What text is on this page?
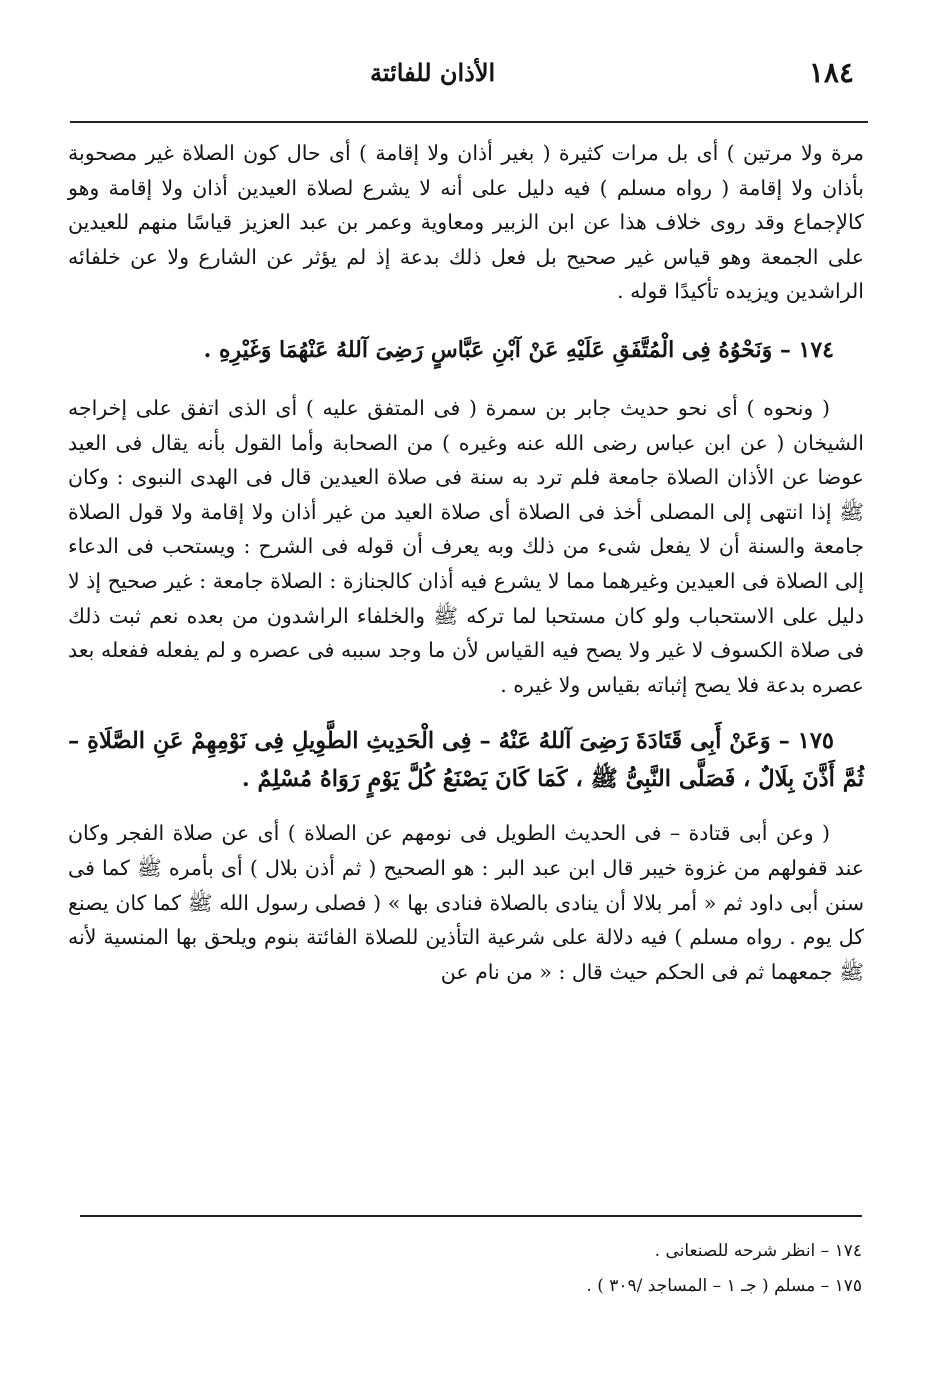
١٨٤
الأذان للفائتة

مرة ولا مرتين ) أى بل مرات كثيرة ( بغير أذان ولا إقامة ) أى حال كون الصلاة غير مصحوبة بأذان ولا إقامة ( رواه مسلم ) فيه دليل على أنه لا يشرع لصلاة العيدين أذان ولا إقامة وهو كالإجماع وقد روى خلاف هذا عن ابن الزبير ومعاوية وعمر بن عبد العزيز قياسًا منهم للعيدين على الجمعة وهو قياس غير صحيح بل فعل ذلك بدعة إذ لم يؤثر عن الشارع ولا عن خلفائه الراشدين ويزيده تأكيدًا قوله .

١٧٤ – وَنَحْوُهُ فِى الْمُتَّفَقِ عَلَيْهِ عَنْ آبْنِ عَبَّاسٍ رَضِىَ آللهُ عَنْهُمَا وَغَيْرِهِ .

( ونحوه ) أى نحو حديث جابر بن سمرة ( فى المتفق عليه ) أى الذى اتفق على إخراجه الشيخان ( عن ابن عباس رضى الله عنه وغيره ) من الصحابة وأما القول بأنه يقال فى العيد عوضا عن الأذان الصلاة جامعة فلم ترد به سنة فى صلاة العيدين قال فى الهدى النبوى : وكان ﷺ إذا انتهى إلى المصلى أخذ فى الصلاة أى صلاة العيد من غير أذان ولا إقامة ولا قول الصلاة جامعة والسنة أن لا يفعل شىء من ذلك وبه يعرف أن قوله فى الشرح : ويستحب فى الدعاء إلى الصلاة فى العيدين وغيرهما مما لا يشرع فيه أذان كالجنازة : الصلاة جامعة : غير صحيح إذ لا دليل على الاستحباب ولو كان مستحبا لما تركه ﷺ والخلفاء الراشدون من بعده نعم ثبت ذلك فى صلاة الكسوف لا غير ولا يصح فيه القياس لأن ما وجد سببه فى عصره و لم يفعله ففعله بعد عصره بدعة فلا يصح إثباته بقياس ولا غيره .

١٧٥ – وَعَنْ أَبِى قَتَادَةَ رَضِىَ آللهُ عَنْهُ – فِى الْحَدِيثِ الطَّوِيلِ فِى نَوْمِهِمْ عَنِ الصَّلَاةِ – ثُمَّ أَذَّنَ بِلَالٌ ، فَصَلَّى النَّبِىُّ ﷺ ، كَمَا كَانَ يَصْنَعُ كُلَّ يَوْمٍ رَوَاهُ مُسْلِمٌ .

( وعن أبى قتادة – فى الحديث الطويل فى نومهم عن الصلاة ) أى عن صلاة الفجر وكان عند قفولهم من غزوة خيبر قال ابن عبد البر : هو الصحيح ( ثم أذن بلال ) أى بأمره ﷺ كما فى سنن أبى داود ثم « أمر بلالا أن ينادى بالصلاة فنادى بها » ( فصلى رسول الله ﷺ كما كان يصنع كل يوم . رواه مسلم ) فيه دلالة على شرعية التأذين للصلاة الفائتة بنوم ويلحق بها المنسية لأنه ﷺ جمعهما ثم فى الحكم حيث قال : « من نام عن

١٧٤ – انظر شرحه للصنعانى .

١٧٥ – مسلم ( جـ ١ – المساجد /٣٠٩ ) .
